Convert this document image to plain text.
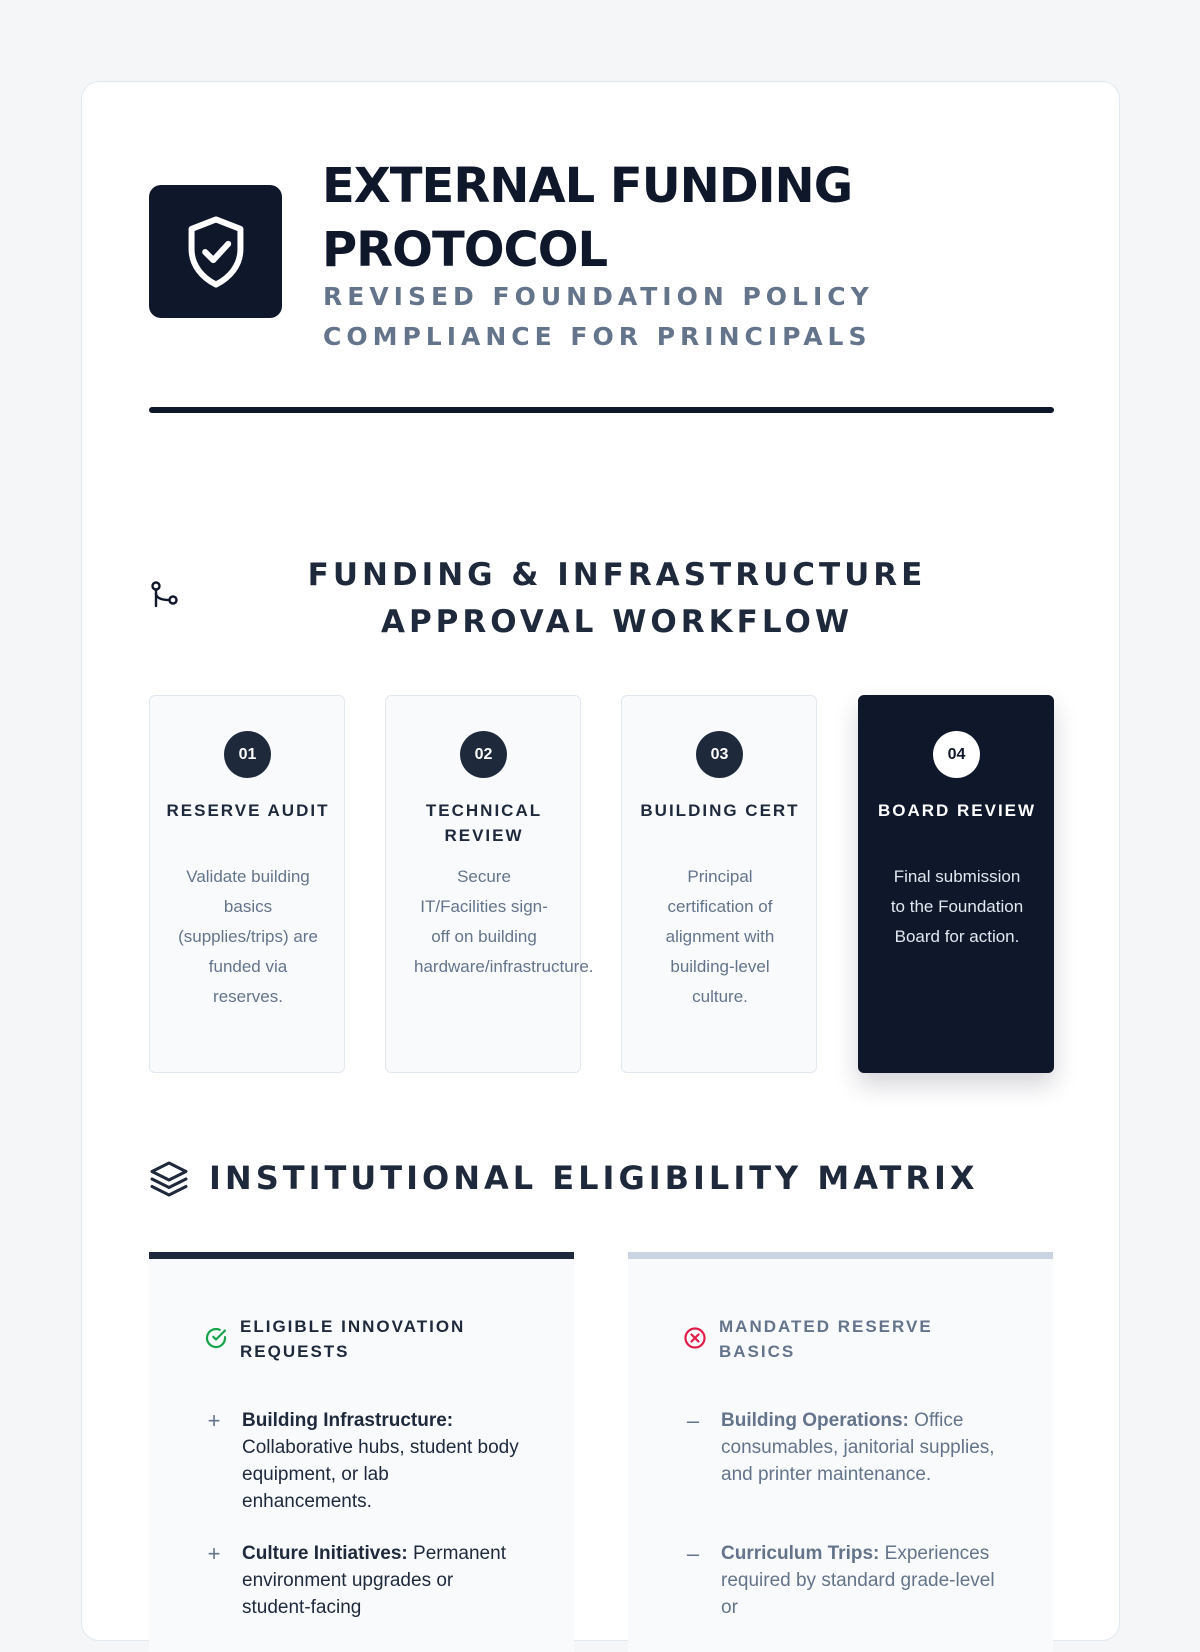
EXTERNAL FUNDING PROTOCOL
REVISED FOUNDATION POLICY COMPLIANCE FOR PRINCIPALS
FUNDING & INFRASTRUCTURE APPROVAL WORKFLOW
01
RESERVE AUDIT
Validate building basics (supplies/trips) are funded via reserves.
02
TECHNICAL REVIEW
Secure IT/Facilities sign-off on building hardware/infrastructure.
03
BUILDING CERT
Principal certification of alignment with building-level culture.
04
BOARD REVIEW
Final submission to the Foundation Board for action.
INSTITUTIONAL ELIGIBILITY MATRIX
ELIGIBLE INNOVATION REQUESTS
+ Building Infrastructure: Collaborative hubs, student body equipment, or lab enhancements.
+ Culture Initiatives: Permanent environment upgrades or student-facing
MANDATED RESERVE BASICS
– Building Operations: Office consumables, janitorial supplies, and printer maintenance.
– Curriculum Trips: Experiences required by standard grade-level or
